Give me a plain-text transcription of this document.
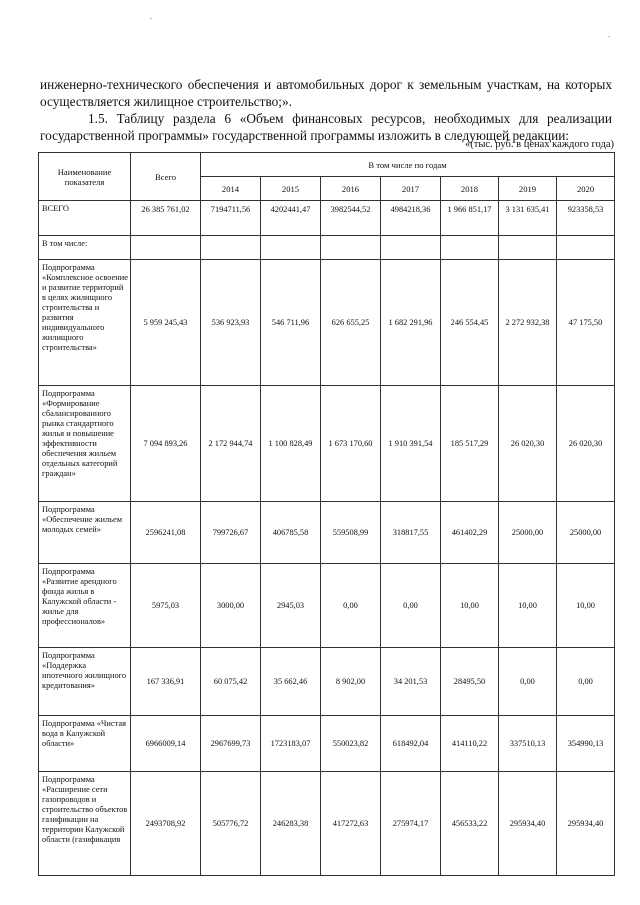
инженерно-технического обеспечения и автомобильных дорог к земельным участкам, на которых осуществляется жилищное строительство;».

1.5. Таблицу раздела 6 «Объем финансовых ресурсов, необходимых для реализации государственной программы» государственной программы изложить в следующей редакции:

«(тыс. руб. в ценах каждого года)
Наименование показателя	Всего	В том числе по годам						
		2014	2015	2016	2017	2018	2019	2020
ВСЕГО	26 385 761,02	7194711,56	4202441,47	3982544,52	4984218,36	1 966 851,17	3 131 635,41	923358,53
В том числе:								
Подпрограмма «Комплексное освоение и развитие территорий в целях жилищного строительства и развития индивидуального жилищного строительства»	5 959 245,43	536 923,93	546 711,96	626 655,25	1 682 291,96	246 554,45	2 272 932,38	47 175,50
Подпрограмма «Формирование сбалансированного рынка стандартного жилья и повышение эффективности обеспечения жильем отдельных категорий граждан»	7 094 893,26	2 172 944,74	1 100 828,49	1 673 170,60	1 910 391,54	185 517,29	26 020,30	26 020,30
Подпрограмма «Обеспечение жильем молодых семей»	2596241,08	799726,67	406785,58	559508,99	318817,55	461402,29	25000,00	25000,00
Подпрограмма «Развитие арендного фонда жилья в Калужской области - жилье для профессионалов»	5975,03	3000,00	2945,03	0,00	0,00	10,00	10,00	10,00
Подпрограмма «Поддержка ипотечного жилищного кредитования»	167 336,91	60 075,42	35 662,46	8 902,00	34 201,53	28495,50	0,00	0,00
Подпрограмма «Чистая вода в Калужской области»	6966009,14	2967699,73	1723183,07	550023,82	618492,04	414110,22	337510,13	354990,13
Подпрограмма «Расширение сети газопроводов и строительство объектов газификации на территории Калужской области (газификация	2493708,92	505776,72	246283,38	417272,63	275974,17	456533,22	295934,40	295934,40
